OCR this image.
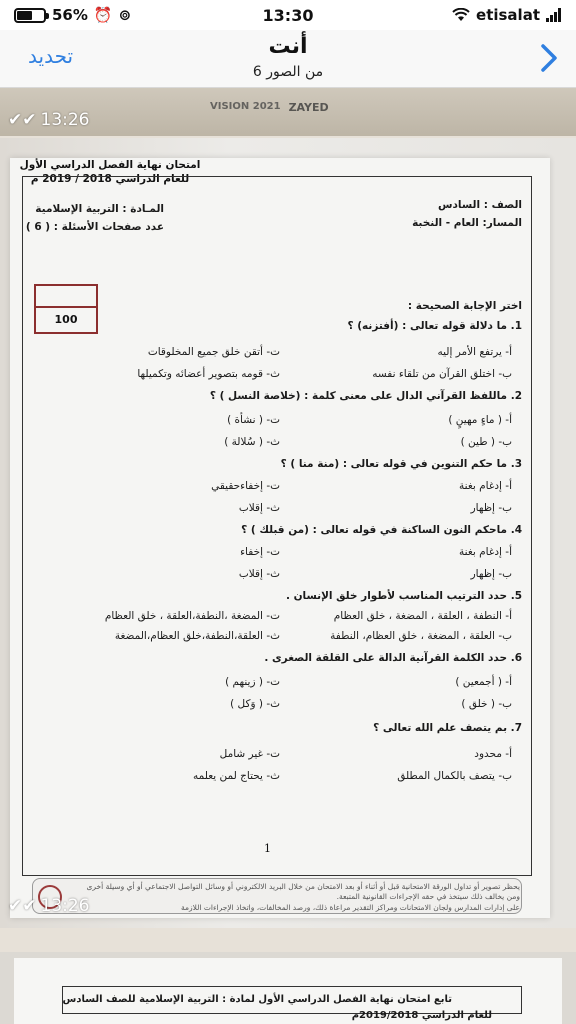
56% ⏰ ⊚	13:30	etisalat
تحديد	أنت
6 من الصور
VISION 2021 ZAYED
✔✔ 13:26
الصف : السادس
المسار: العام - النخبة
المـادة : التربية الإسلامية
عدد صفحات الأسئلة : ( 6 )
امتحان نهاية الفصل الدراسي الأول
للعام الدراسي 2018 / 2019 م
100
اختر الإجابة الصحيحة :
1. ما دلالة قوله تعالى : (أفتزنه) ؟
أ- يرتفع الأمر إليه
ت- أتقن خلق جميع المخلوقات
ب- اختلق القرآن من تلقاء نفسه
ث- قومه بتصوير أعضائه وتكميلها
2. ماللفظ القرآني الدال على معنى كلمة : (خلاصة النسل ) ؟
أ- ( ماءٍ مهينٍ )
ت- ( نشأة )
ب- ( طين )
ث- ( سُلالة )
3. ما حكم التنوين في قوله تعالى : (منة منا ) ؟
أ- إدغام بغنة
ت- إخفاءحقيقي
ب- إظهار
ث- إقلاب
4. ماحكم النون الساكنة في قوله تعالى : (من قبلك ) ؟
أ- إدغام بغنة
ت- إخفاء
ب- إظهار
ث- إقلاب
5. حدد الترتيب المناسب لأطوار خلق الإنسان .
أ- النطفة ، العلقة ، المضغة ، خلق العظام
ت- المضغة ،النطفة،العلقة ، خلق العظام
ب- العلقة ، المضغة ، خلق العظام، النطفة
ث- العلقة،النطفة،خلق العظام،المضغة
6. حدد الكلمة القرآنية الدالة على القلقة الصغرى .
أ- ( أجمعين )
ت- ( زينهم )
ب- ( خلق )
ث- ( وَكل )
7. بم يتصف علم الله تعالى ؟
أ- محدود
ت- غير شامل
ب- يتصف بالكمال المطلق
ث- يحتاج لمن يعلمه
1
يحظر تصوير أو تداول الورقة الامتحانية قبل أو أثناء أو بعد الامتحان من خلال البريد الالكتروني أو وسائل التواصل الاجتماعي أو أي وسيلة أخرى
ومن يخالف ذلك سيتخذ في حقه الإجراءات القانونية المتبعة.
على إدارات المدارس ولجان الامتحانات ومراكز التقدير مراعاة ذلك، ورصد المخالفات، واتخاذ الإجراءات اللازمة
✔✔ 13:26
تابع امتحان نهاية الفصل الدراسي الأول لمادة : التربية الإسلامية للصف السادس
للعام الدراسي 2019/2018م
